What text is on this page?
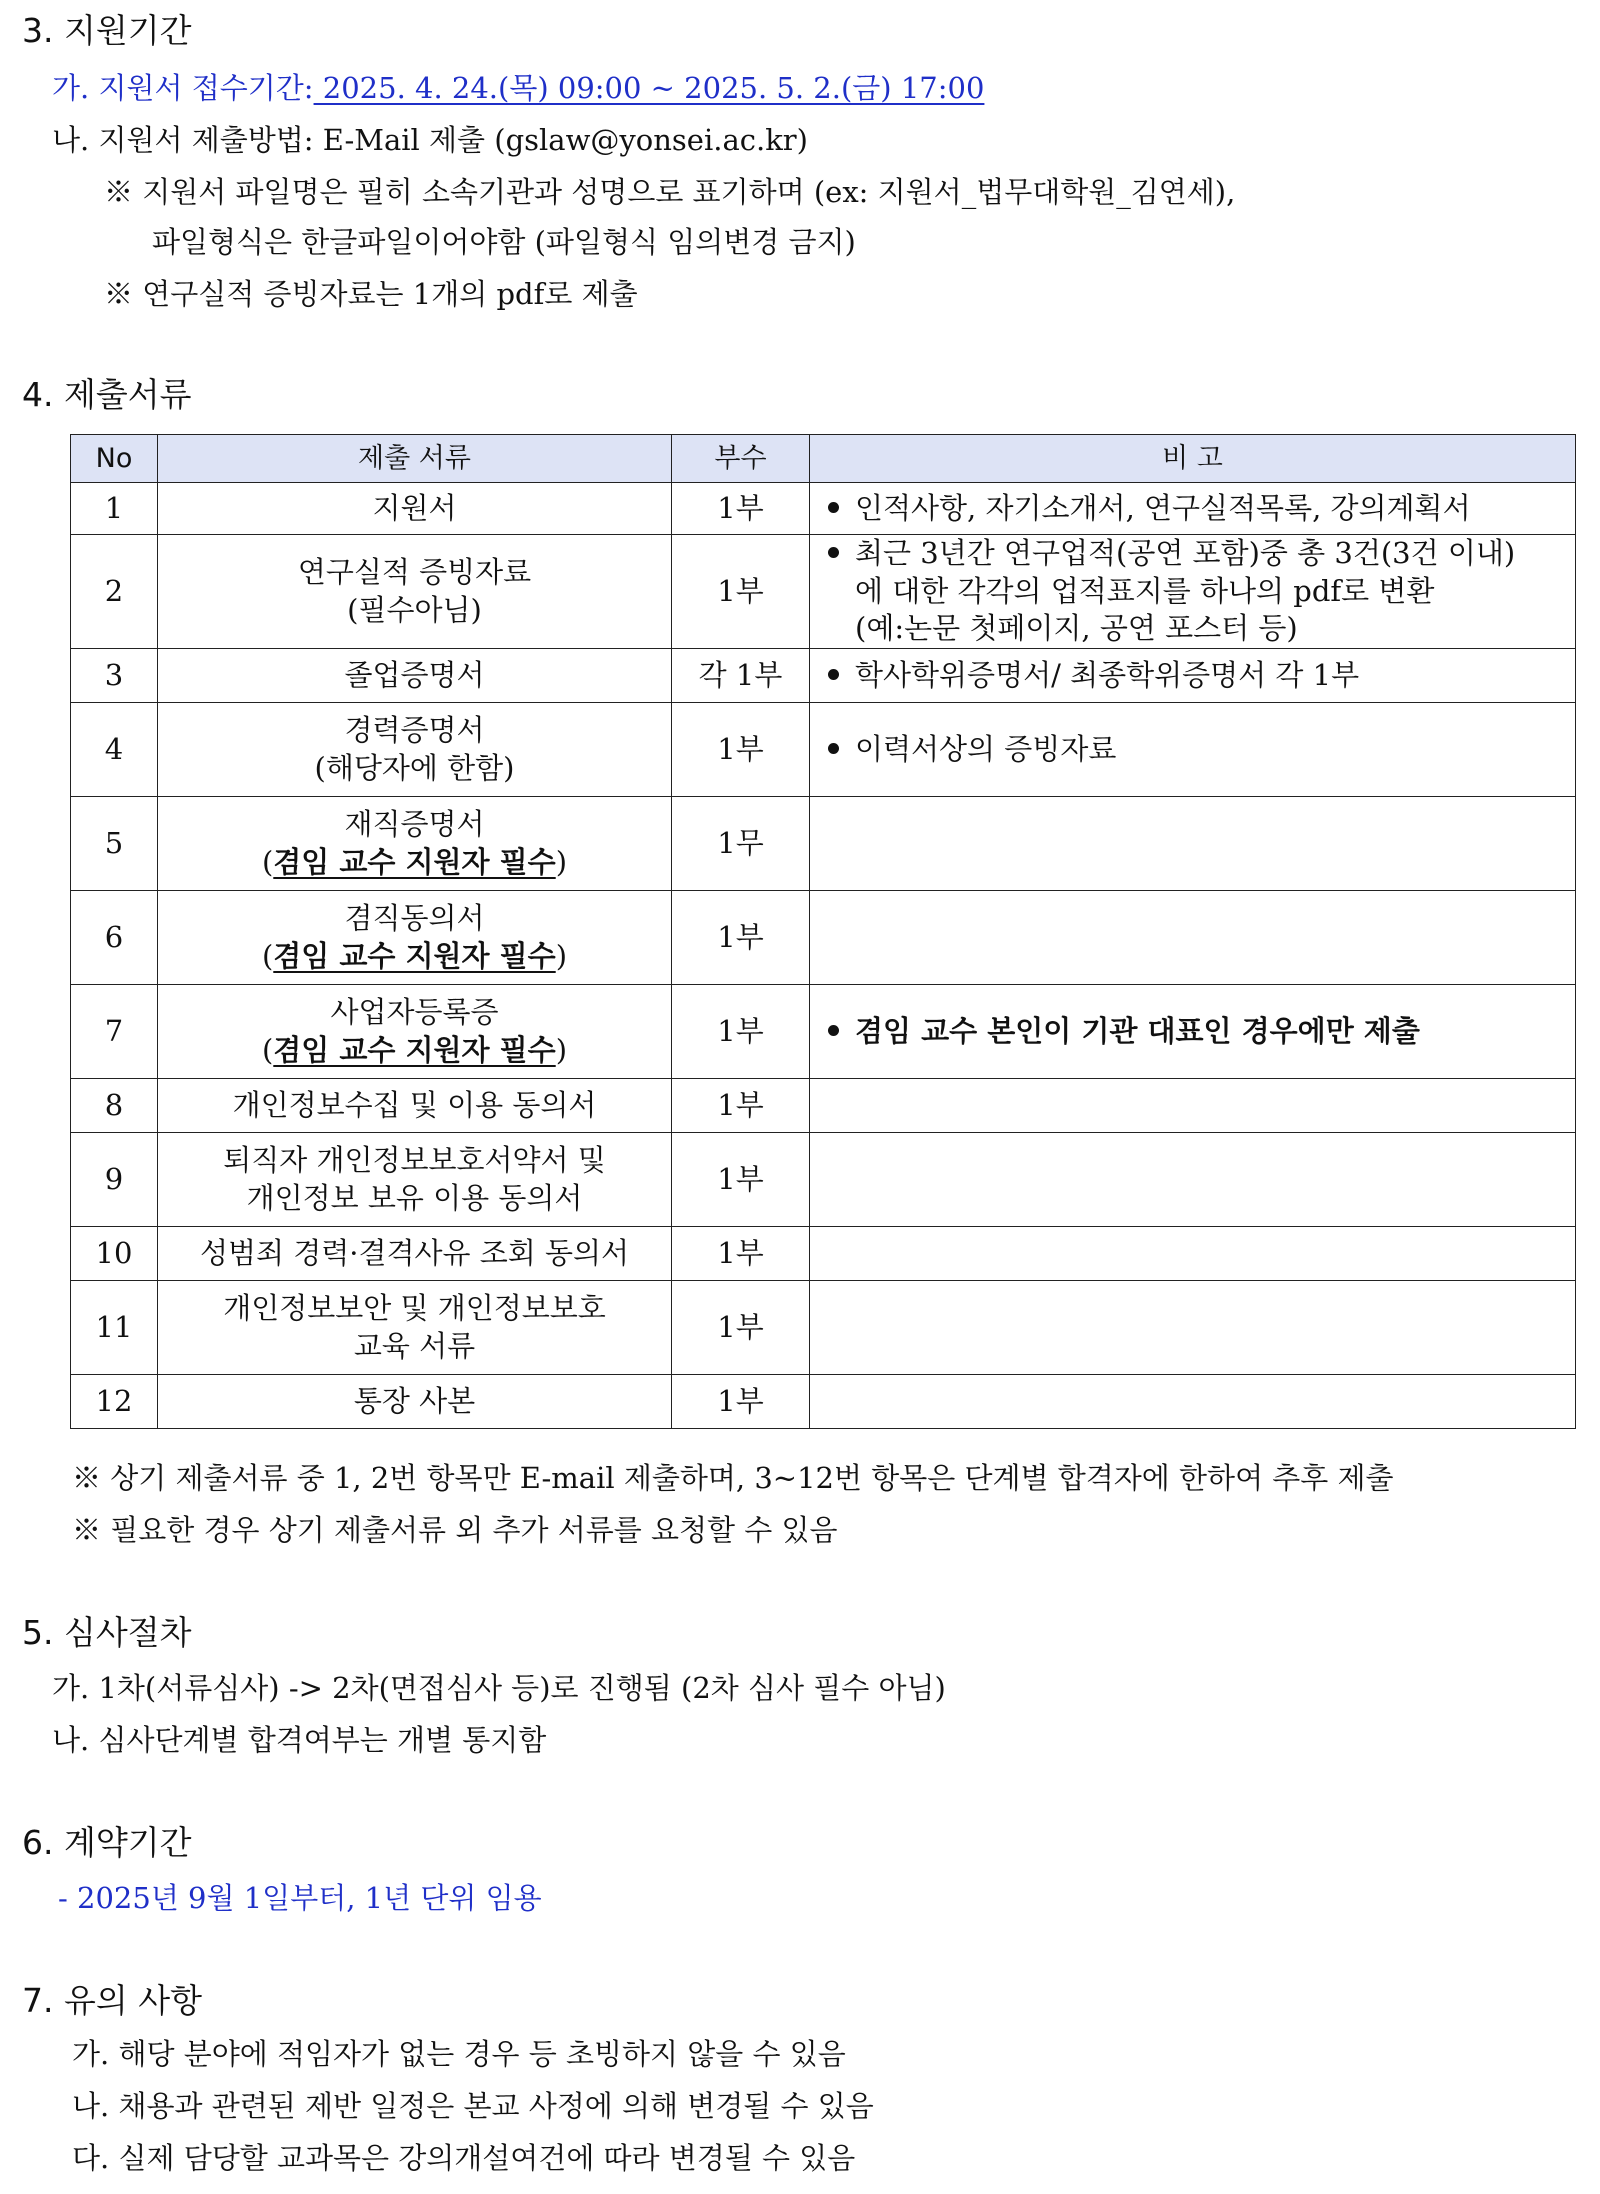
3. 지원기간
가. 지원서 접수기간: 2025. 4. 24.(목) 09:00 ~ 2025. 5. 2.(금) 17:00
나. 지원서 제출방법: E-Mail 제출 (gslaw@yonsei.ac.kr)
※ 지원서 파일명은 필히 소속기관과 성명으로 표기하며 (ex: 지원서_법무대학원_김연세),
파일형식은 한글파일이어야함 (파일형식 임의변경 금지)
※ 연구실적 증빙자료는 1개의 pdf로 제출
4. 제출서류
No	제출 서류	부수	비 고
1	지원서	1부	인적사항, 자기소개서, 연구실적목록, 강의계획서

2	연구실적 증빙자료
(필수아님)	1부	최근 3년간 연구업적(공연 포함)중 총 3건(3건 이내)
에 대한 각각의 업적표지를 하나의 pdf로 변환
(예:논문 첫페이지, 공연 포스터 등)

3	졸업증명서	각 1부	학사학위증명서/ 최종학위증명서 각 1부

4	경력증명서
(해당자에 한함)	1부	이력서상의 증빙자료

5	재직증명서
(겸임 교수 지원자 필수)	1무	
6	겸직동의서
(겸임 교수 지원자 필수)	1부	
7	사업자등록증
(겸임 교수 지원자 필수)	1부	겸임 교수 본인이 기관 대표인 경우에만 제출

8	개인정보수집 및 이용 동의서	1부	
9	퇴직자 개인정보보호서약서 및
개인정보 보유 이용 동의서	1부	
10	성범죄 경력·결격사유 조회 동의서	1부	
11	개인정보보안 및 개인정보보호
교육 서류	1부	
12	통장 사본	1부	
※ 상기 제출서류 중 1, 2번 항목만 E-mail 제출하며, 3~12번 항목은 단계별 합격자에 한하여 추후 제출
※ 필요한 경우 상기 제출서류 외 추가 서류를 요청할 수 있음
5. 심사절차
가. 1차(서류심사) -> 2차(면접심사 등)로 진행됨 (2차 심사 필수 아님)
나. 심사단계별 합격여부는 개별 통지함
6. 계약기간
- 2025년 9월 1일부터, 1년 단위 임용
7. 유의 사항
가. 해당 분야에 적임자가 없는 경우 등 초빙하지 않을 수 있음
나. 채용과 관련된 제반 일정은 본교 사정에 의해 변경될 수 있음
다. 실제 담당할 교과목은 강의개설여건에 따라 변경될 수 있음
